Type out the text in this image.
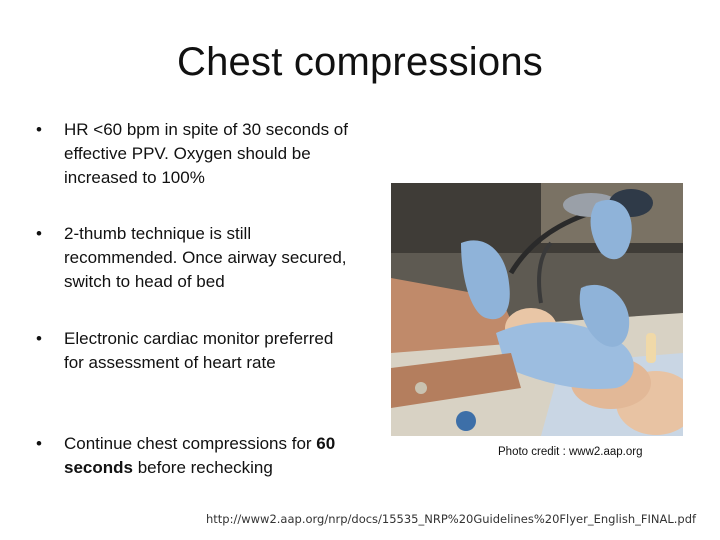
Chest compressions
• HR <60 bpm in spite of 30 seconds of effective PPV. Oxygen should be increased to 100%
• 2-thumb technique is still recommended. Once airway secured, switch to head of bed
• Electronic cardiac monitor preferred for assessment of heart rate
• Continue chest compressions for 60 seconds before rechecking
Photo credit : www2.aap.org
http://www2.aap.org/nrp/docs/15535_NRP%20Guidelines%20Flyer_English_FINAL.pdf
